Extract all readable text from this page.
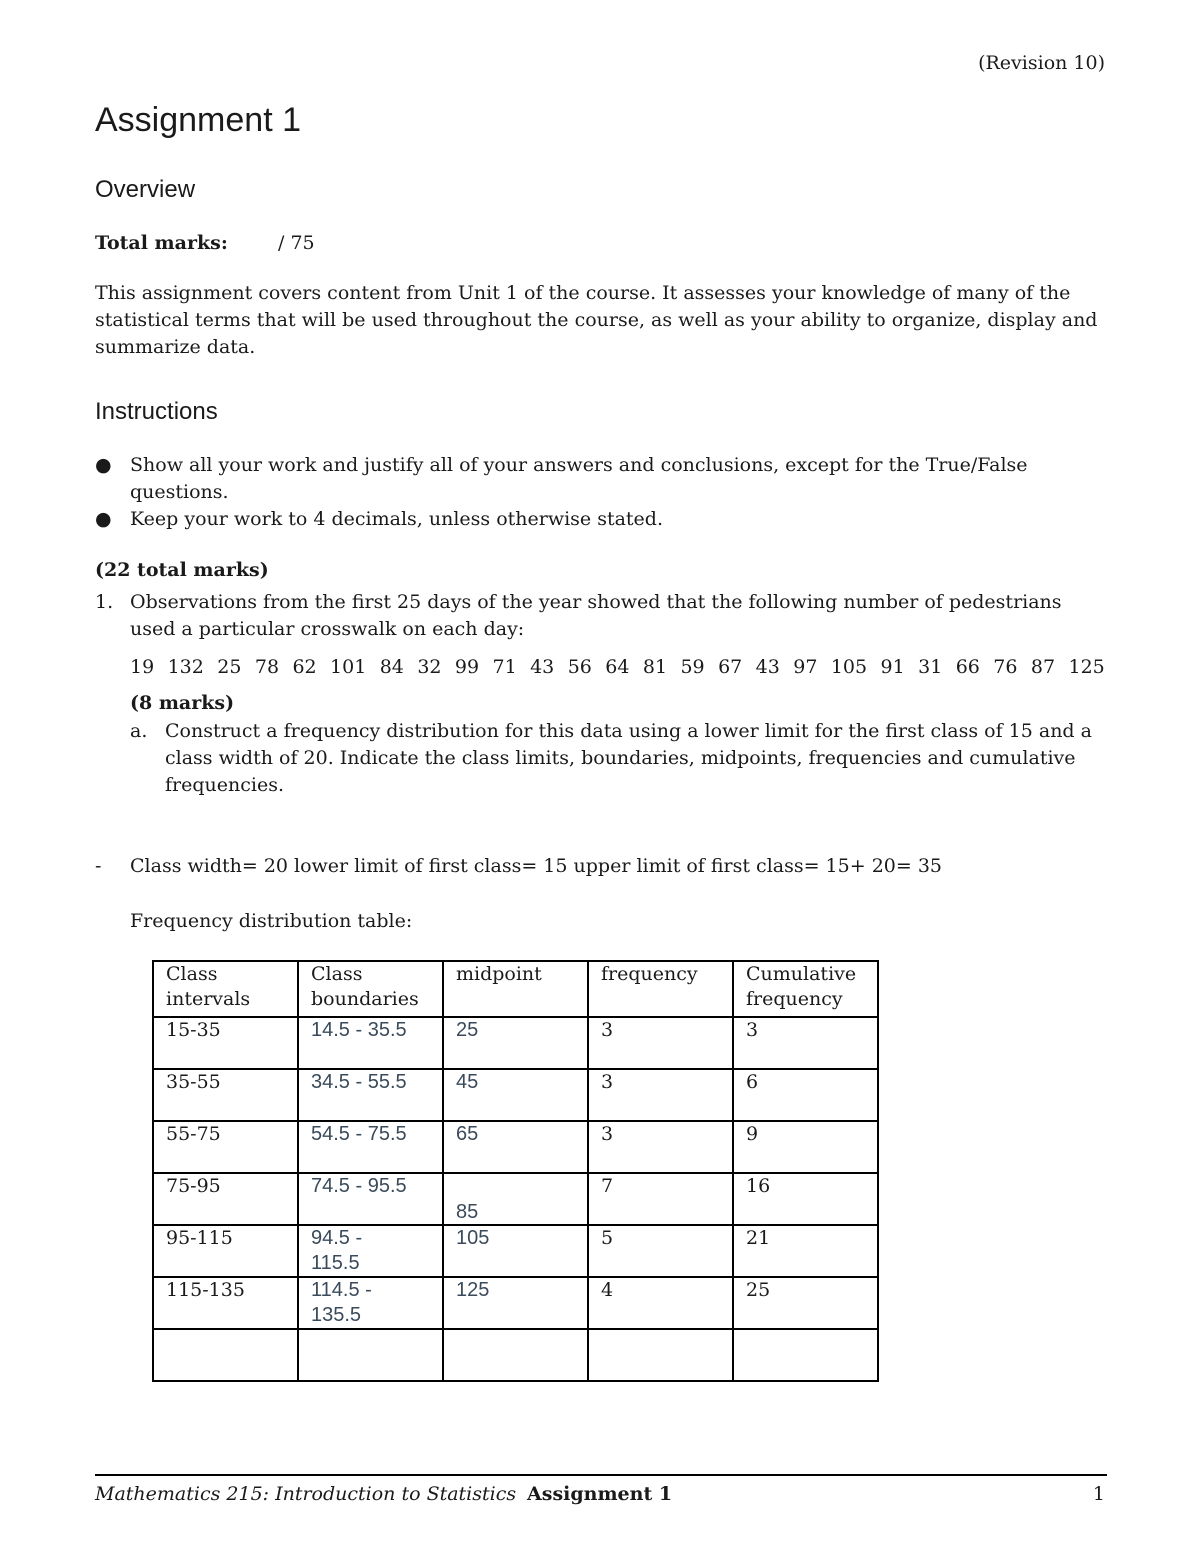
(Revision 10)
Assignment 1
Overview
Total marks:	/ 75
This assignment covers content from Unit 1 of the course. It assesses your knowledge of many of the statistical terms that will be used throughout the course, as well as your ability to organize, display and summarize data.
Instructions
● Show all your work and justify all of your answers and conclusions, except for the True/False questions.
● Keep your work to 4 decimals, unless otherwise stated.
(22 total marks)
1. Observations from the first 25 days of the year showed that the following number of pedestrians used a particular crosswalk on each day:
19 132 25 78 62 101 84 32 99 71 43 56 64 81 59 67 43 97 105 91 31 66 76 87 125
(8 marks)
a. Construct a frequency distribution for this data using a lower limit for the first class of 15 and a class width of 20. Indicate the class limits, boundaries, midpoints, frequencies and cumulative frequencies.
- Class width= 20 lower limit of first class= 15 upper limit of first class= 15+ 20= 35
Frequency distribution table:
Class intervals	Class boundaries	midpoint	frequency	Cumulative frequency
15-35	14.5 - 35.5	25	3	3
35-55	34.5 - 55.5	45	3	6
55-75	54.5 - 75.5	65	3	9
75-95	74.5 - 95.5	85	7	16
95-115	94.5 - 115.5	105	5	21
115-135	114.5 - 135.5	125	4	25

Mathematics 215: Introduction to Statistics Assignment 1	1
